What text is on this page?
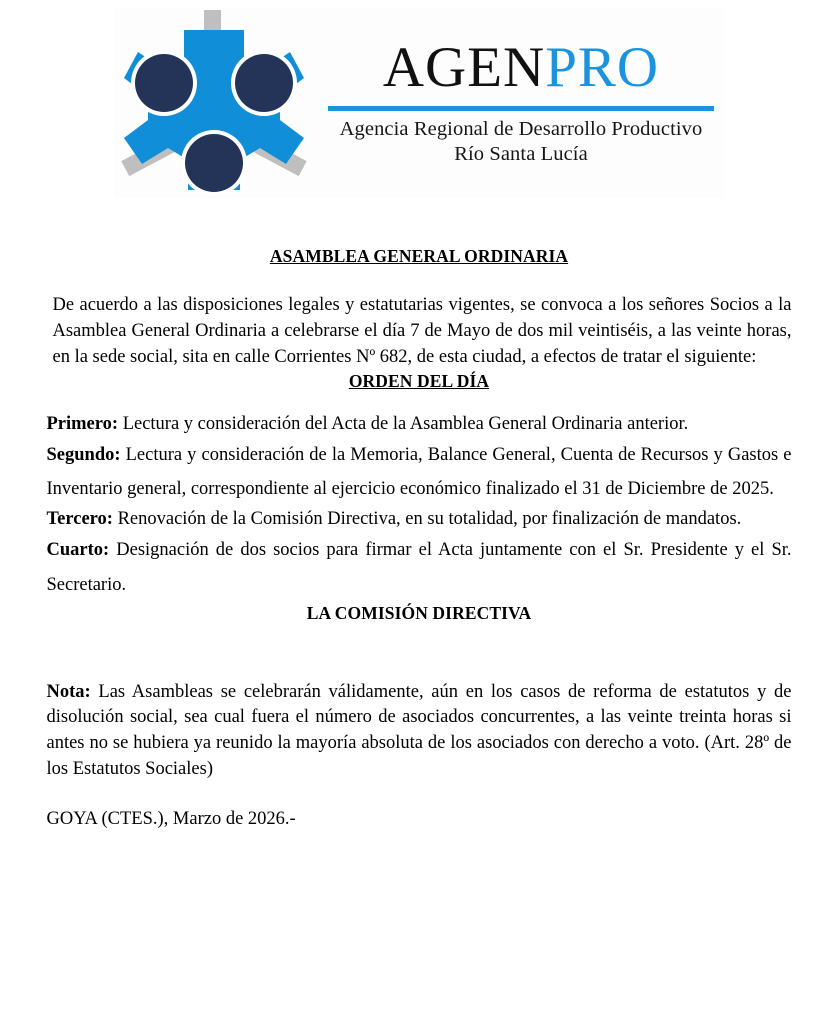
AGENPRO
Agencia Regional de Desarrollo Productivo
Río Santa Lucía
ASAMBLEA GENERAL ORDINARIA

De acuerdo a las disposiciones legales y estatutarias vigentes, se convoca a los señores Socios a la Asamblea General Ordinaria a celebrarse el día 7 de Mayo de dos mil veintiséis, a las veinte horas, en la sede social, sita en calle Corrientes Nº 682, de esta ciudad, a efectos de tratar el siguiente:

ORDEN DEL DÍA

Primero: Lectura y consideración del Acta de la Asamblea General Ordinaria anterior.

Segundo: Lectura y consideración de la Memoria, Balance General, Cuenta de Recursos y Gastos e Inventario general, correspondiente al ejercicio económico finalizado el 31 de Diciembre de 2025.

Tercero: Renovación de la Comisión Directiva, en su totalidad, por finalización de mandatos.

Cuarto: Designación de dos socios para firmar el Acta juntamente con el Sr. Presidente y el Sr. Secretario.

LA COMISIÓN DIRECTIVA

Nota: Las Asambleas se celebrarán válidamente, aún en los casos de reforma de estatutos y de disolución social, sea cual fuera el número de asociados concurrentes, a las veinte treinta horas si antes no se hubiera ya reunido la mayoría absoluta de los asociados con derecho a voto. (Art. 28º de los Estatutos Sociales)

GOYA (CTES.), Marzo de 2026.-
